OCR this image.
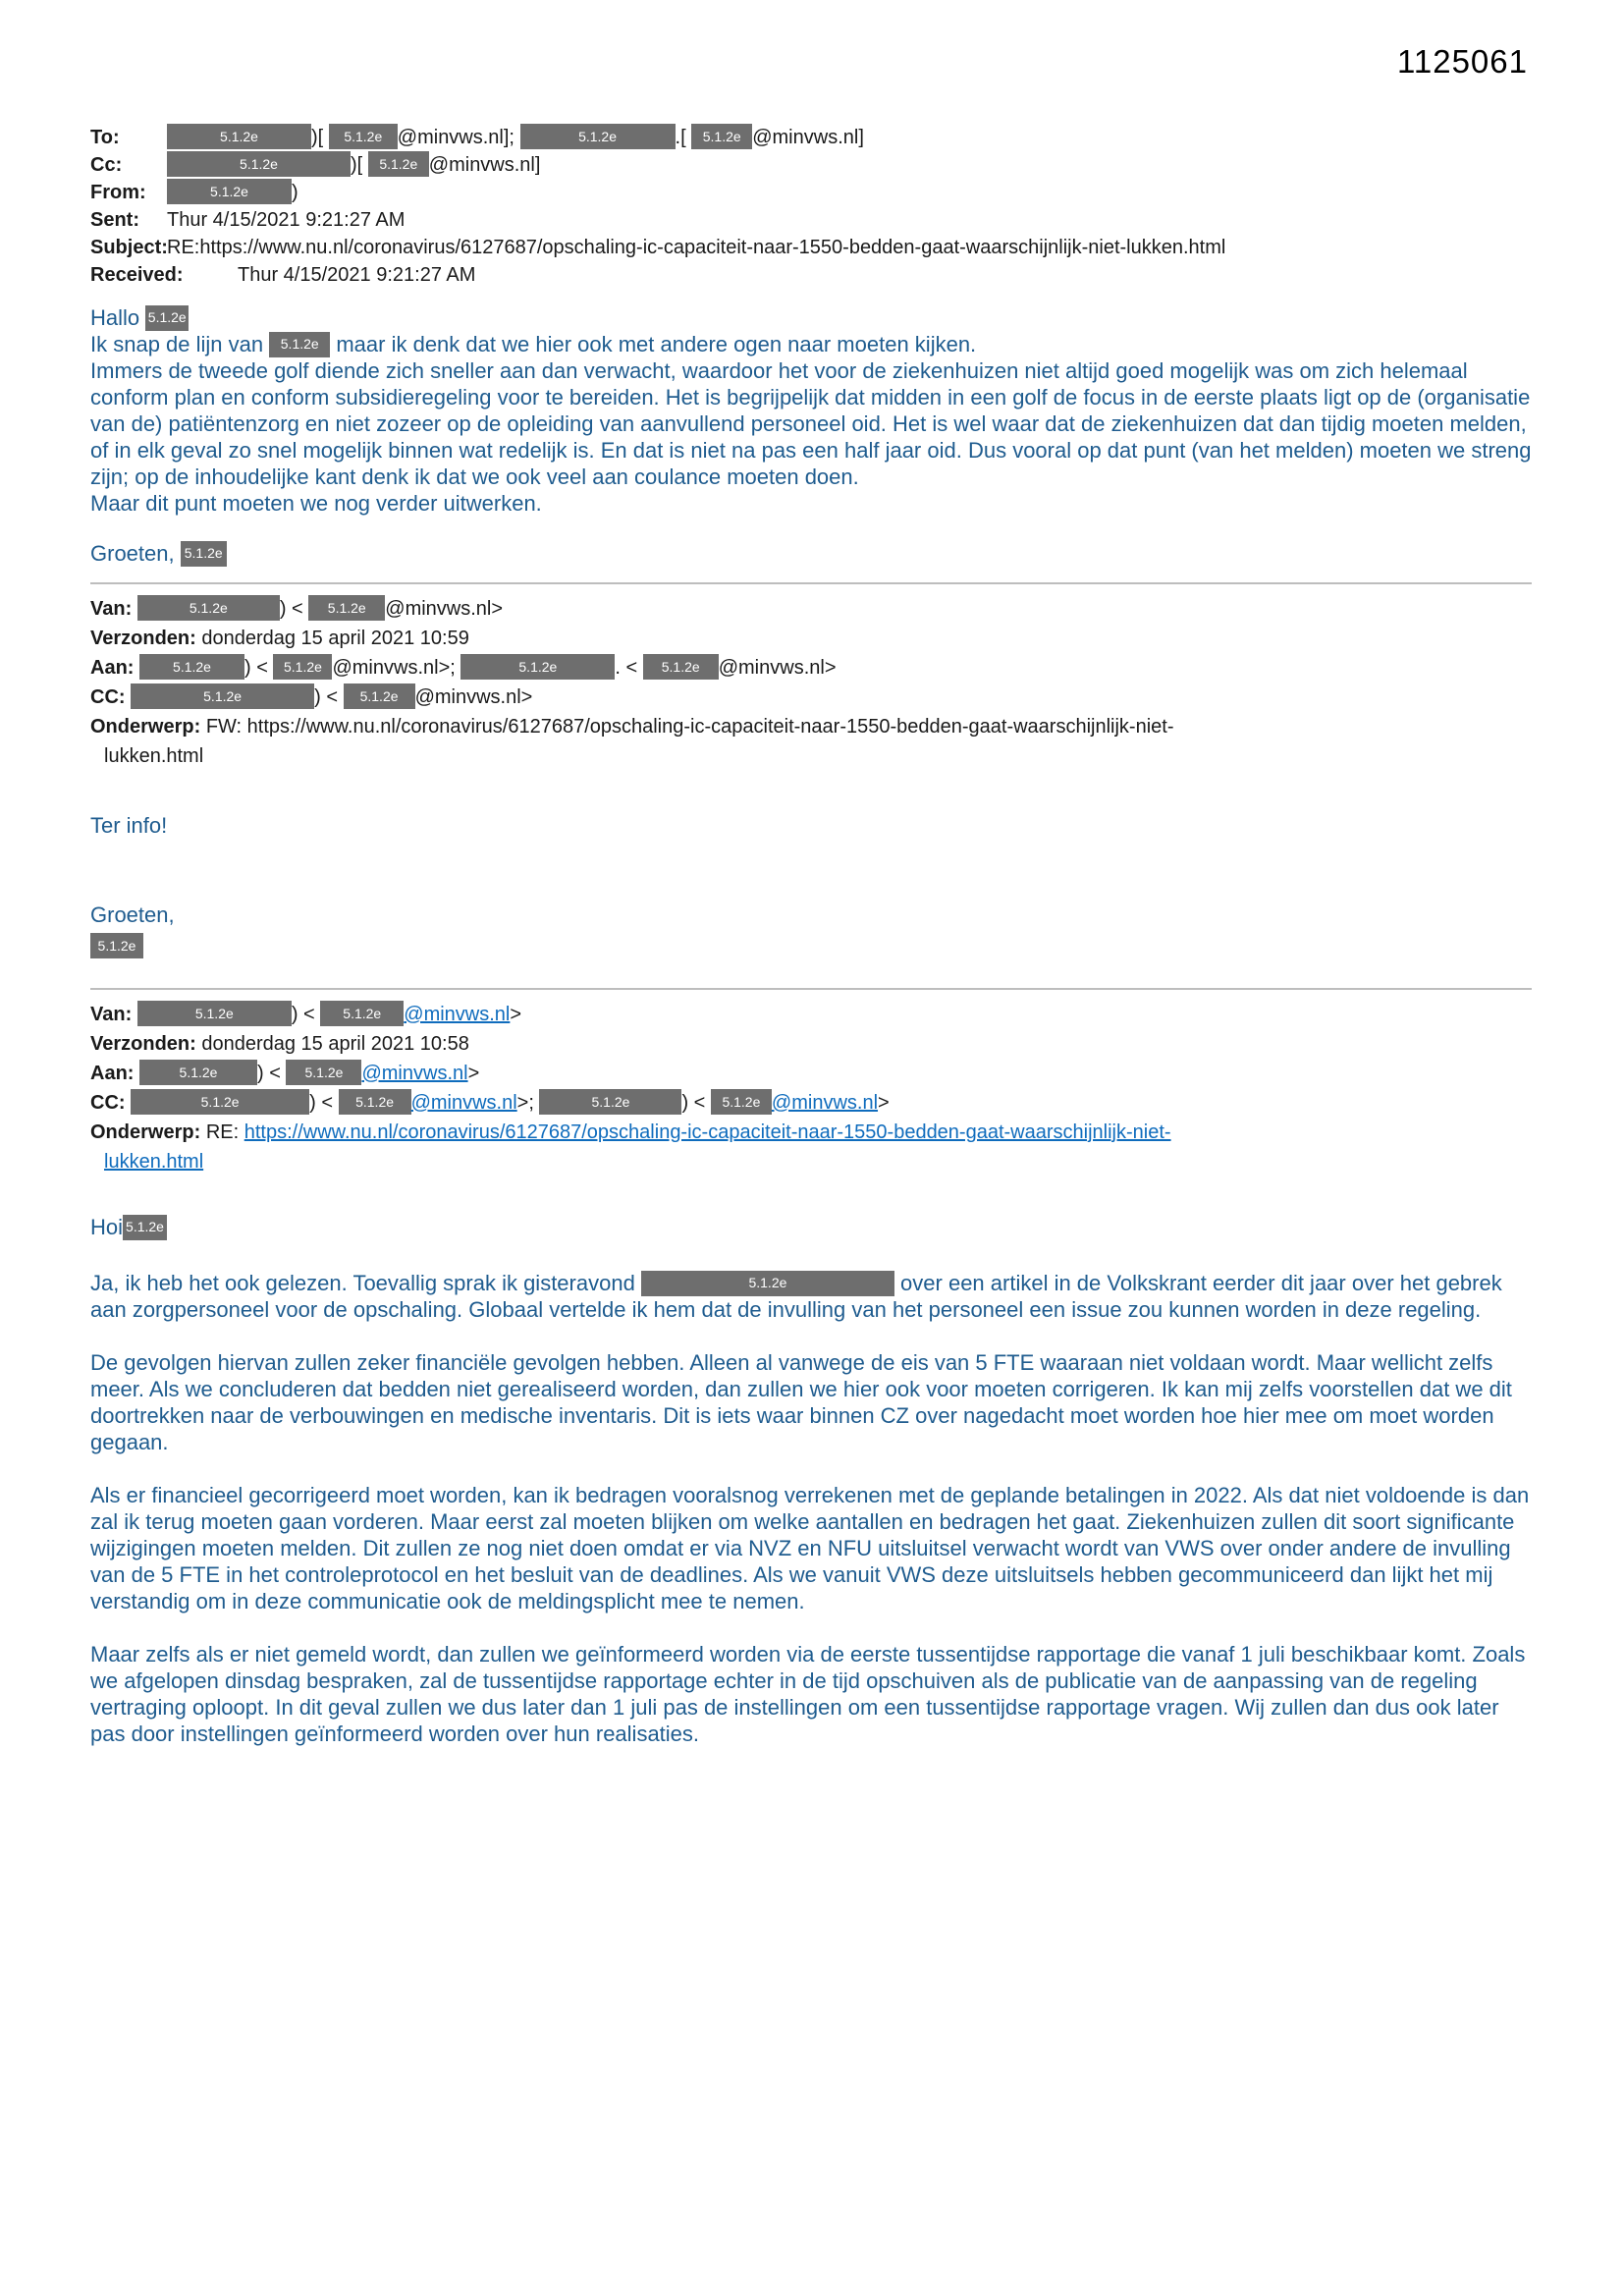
1125061
To:	5.1.2e	)[ 5.1.2e @minvws.nl];	5.1.2e	.[ 5.1.2e @minvws.nl]
Cc:	5.1.2e	)[ 5.1.2e @minvws.nl]
From:	5.1.2e )
Sent:	Thur 4/15/2021 9:21:27 AM
Subject: RE:https://www.nu.nl/coronavirus/6127687/opschaling-ic-capaciteit-naar-1550-bedden-gaat-waarschijnlijk-niet-lukken.html
Received:	Thur 4/15/2021 9:21:27 AM
Hallo 5.1.2e
Ik snap de lijn van 5.1.2e maar ik denk dat we hier ook met andere ogen naar moeten kijken.

Immers de tweede golf diende zich sneller aan dan verwacht, waardoor het voor de ziekenhuizen niet altijd goed mogelijk was om zich helemaal conform plan en conform subsidieregeling voor te bereiden. Het is begrijpelijk dat midden in een golf de focus in de eerste plaats ligt op de (organisatie van de) patiëntenzorg en niet zozeer op de opleiding van aanvullend personeel oid. Het is wel waar dat de ziekenhuizen dat dan tijdig moeten melden, of in elk geval zo snel mogelijk binnen wat redelijk is. En dat is niet na pas een half jaar oid. Dus vooral op dat punt (van het melden) moeten we streng zijn; op de inhoudelijke kant denk ik dat we ook veel aan coulance moeten doen.

Maar dit punt moeten we nog verder uitwerken.

Groeten, 5.1.2e
Van:	5.1.2e	) < 5.1.2e @minvws.nl>
Verzonden: donderdag 15 april 2021 10:59
Aan:	5.1.2e ) < 5.1.2e @minvws.nl>;	5.1.2e	. < 5.1.2e @minvws.nl>
CC:	5.1.2e	) < 5.1.2e @minvws.nl>
Onderwerp: FW: https://www.nu.nl/coronavirus/6127687/opschaling-ic-capaciteit-naar-1550-bedden-gaat-waarschijnlijk-niet-
lukken.html
Ter info!
Groeten,
5.1.2e
Van:	5.1.2e	) < 5.1.2e @minvws.nl>
Verzonden: donderdag 15 april 2021 10:58
Aan:	5.1.2e ) < 5.1.2e @minvws.nl>
CC:	5.1.2e	) < 5.1.2e @minvws.nl>;	5.1.2e	) < 5.1.2e @minvws.nl>
Onderwerp: RE: https://www.nu.nl/coronavirus/6127687/opschaling-ic-capaciteit-naar-1550-bedden-gaat-waarschijnlijk-niet-
lukken.html
Hoi 5.1.2e

Ja, ik heb het ook gelezen. Toevallig sprak ik gisteravond	5.1.2e	over een artikel in de Volkskrant eerder dit jaar over het gebrek aan zorgpersoneel voor de opschaling. Globaal vertelde ik hem dat de invulling van het personeel een issue zou kunnen worden in deze regeling.

De gevolgen hiervan zullen zeker financiële gevolgen hebben. Alleen al vanwege de eis van 5 FTE waaraan niet voldaan wordt. Maar wellicht zelfs meer. Als we concluderen dat bedden niet gerealiseerd worden, dan zullen we hier ook voor moeten corrigeren. Ik kan mij zelfs voorstellen dat we dit doortrekken naar de verbouwingen en medische inventaris. Dit is iets waar binnen CZ over nagedacht moet worden hoe hier mee om moet worden gegaan.

Als er financieel gecorrigeerd moet worden, kan ik bedragen vooralsnog verrekenen met de geplande betalingen in 2022. Als dat niet voldoende is dan zal ik terug moeten gaan vorderen. Maar eerst zal moeten blijken om welke aantallen en bedragen het gaat. Ziekenhuizen zullen dit soort significante wijzigingen moeten melden. Dit zullen ze nog niet doen omdat er via NVZ en NFU uitsluitsel verwacht wordt van VWS over onder andere de invulling van de 5 FTE in het controleprotocol en het besluit van de deadlines. Als we vanuit VWS deze uitsluitsels hebben gecommuniceerd dan lijkt het mij verstandig om in deze communicatie ook de meldingsplicht mee te nemen.

Maar zelfs als er niet gemeld wordt, dan zullen we geïnformeerd worden via de eerste tussentijdse rapportage die vanaf 1 juli beschikbaar komt. Zoals we afgelopen dinsdag bespraken, zal de tussentijdse rapportage echter in de tijd opschuiven als de publicatie van de aanpassing van de regeling vertraging oploopt. In dit geval zullen we dus later dan 1 juli pas de instellingen om een tussentijdse rapportage vragen. Wij zullen dan dus ook later pas door instellingen geïnformeerd worden over hun realisaties.
